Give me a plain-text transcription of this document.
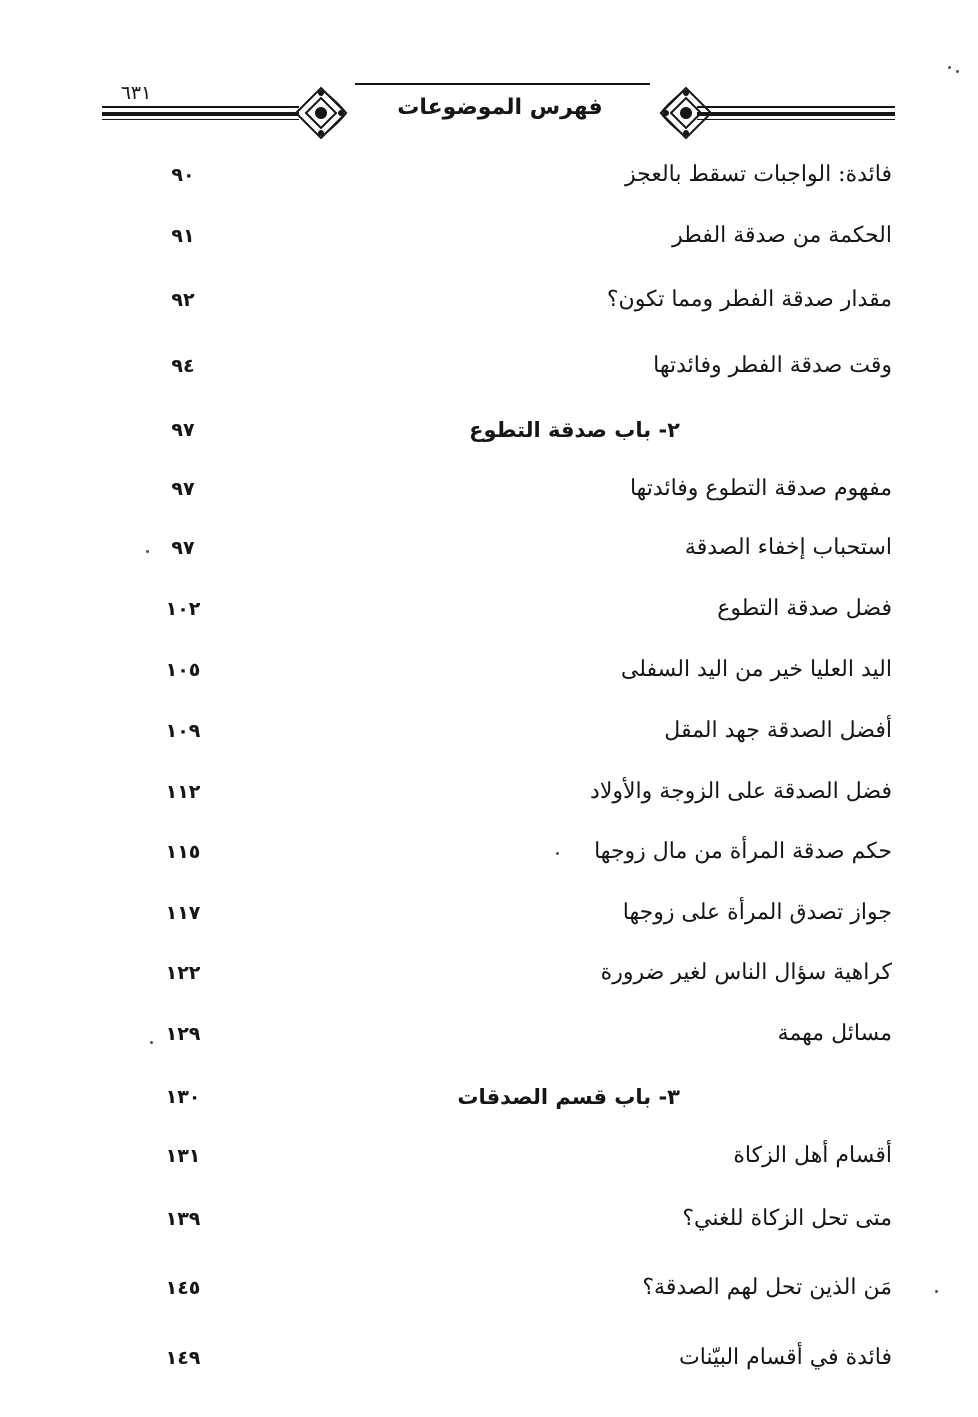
٦٣١
فهرس الموضوعات
فائدة: الواجبات تسقط بالعجز
٩٠
الحكمة من صدقة الفطر
٩١
مقدار صدقة الفطر ومما تكون؟
٩٢
وقت صدقة الفطر وفائدتها
٩٤
٢- باب صدقة التطوع
٩٧
مفهوم صدقة التطوع وفائدتها
٩٧
استحباب إخفاء الصدقة
٩٧
فضل صدقة التطوع
١٠٢
اليد العليا خير من اليد السفلى
١٠٥
أفضل الصدقة جهد المقل
١٠٩
فضل الصدقة على الزوجة والأولاد
١١٢
حكم صدقة المرأة من مال زوجها
١١٥
جواز تصدق المرأة على زوجها
١١٧
كراهية سؤال الناس لغير ضرورة
١٢٢
مسائل مهمة
١٢٩
٣- باب قسم الصدقات
١٣٠
أقسام أهل الزكاة
١٣١
متى تحل الزكاة للغني؟
١٣٩
مَن الذين تحل لهم الصدقة؟
١٤٥
فائدة في أقسام البيّنات
١٤٩
